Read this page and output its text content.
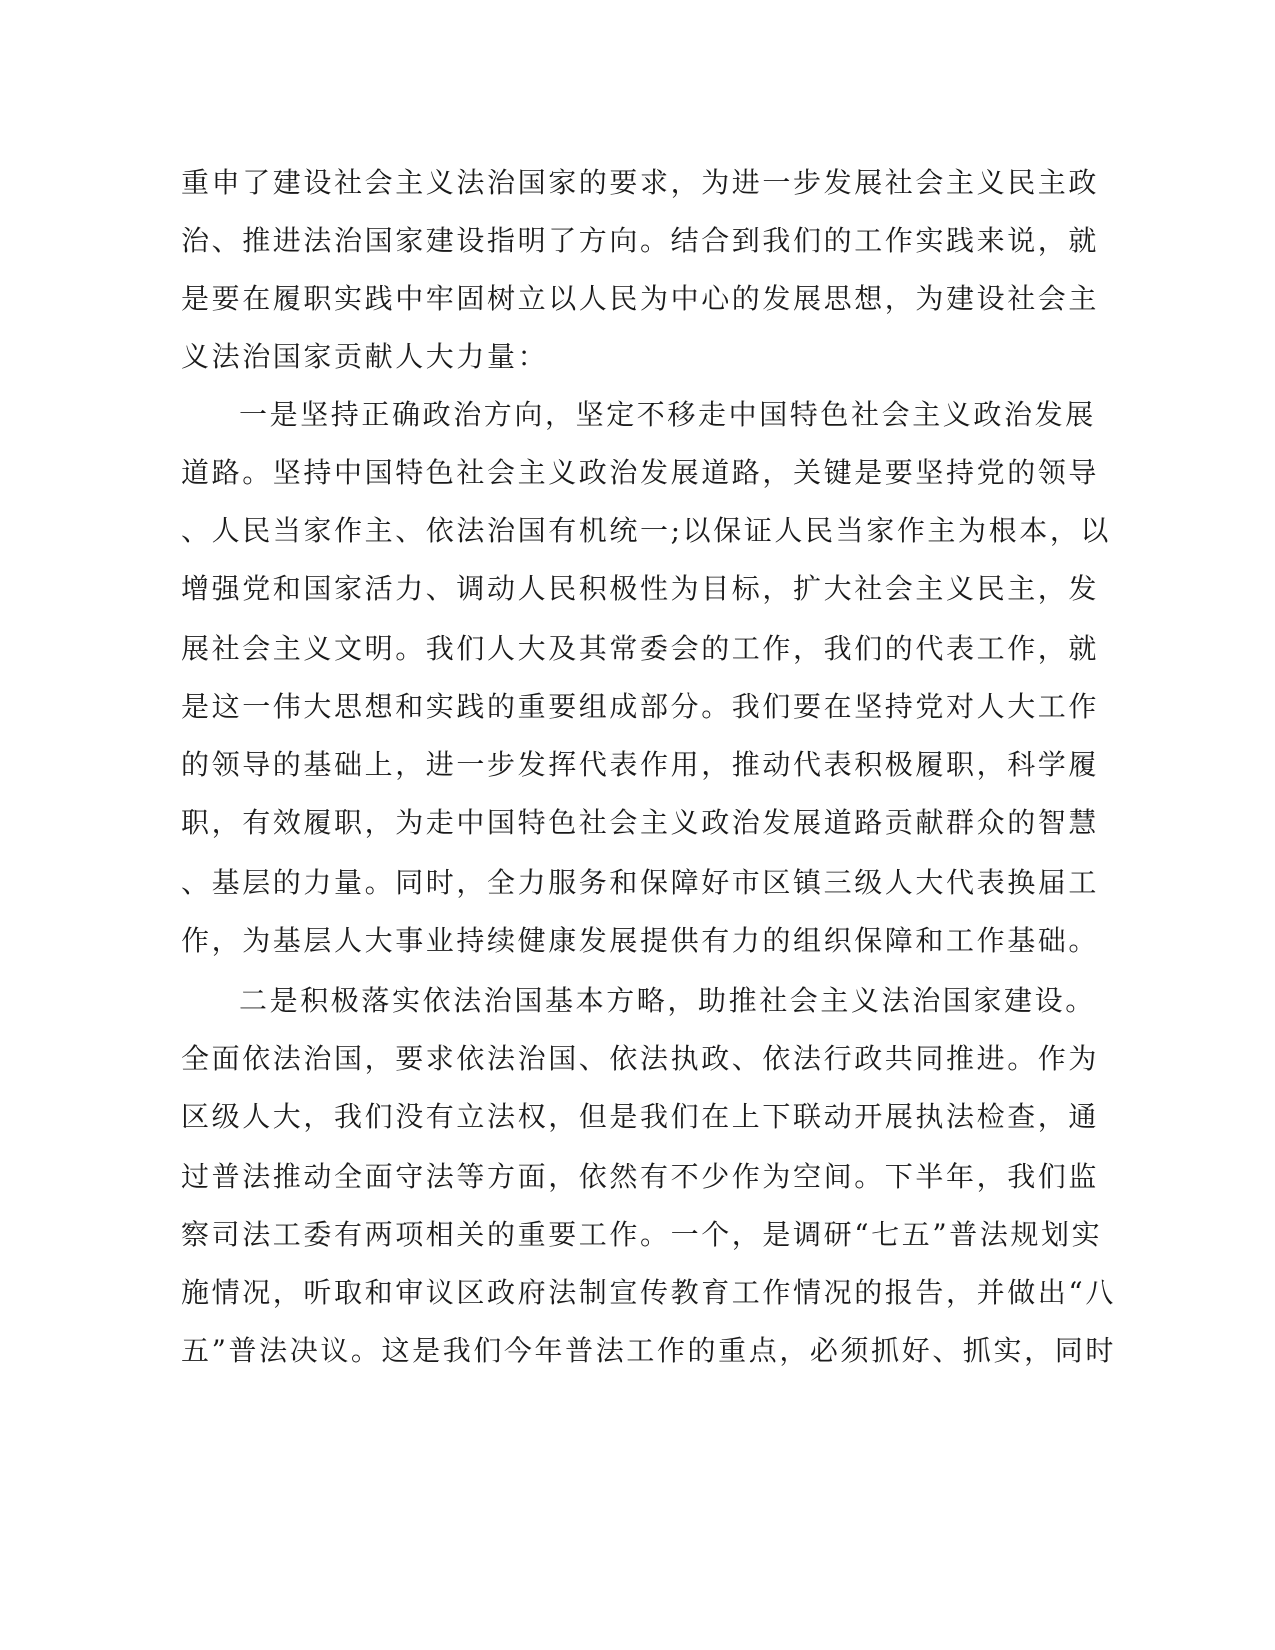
重申了建设社会主义法治国家的要求，为进一步发展社会主义民主政
治、推进法治国家建设指明了方向。结合到我们的工作实践来说，就
是要在履职实践中牢固树立以人民为中心的发展思想，为建设社会主
义法治国家贡献人大力量：
一是坚持正确政治方向，坚定不移走中国特色社会主义政治发展
道路。坚持中国特色社会主义政治发展道路，关键是要坚持党的领导
、人民当家作主、依法治国有机统一;以保证人民当家作主为根本，以
增强党和国家活力、调动人民积极性为目标，扩大社会主义民主，发
展社会主义文明。我们人大及其常委会的工作，我们的代表工作，就
是这一伟大思想和实践的重要组成部分。我们要在坚持党对人大工作
的领导的基础上，进一步发挥代表作用，推动代表积极履职，科学履
职，有效履职，为走中国特色社会主义政治发展道路贡献群众的智慧
、基层的力量。同时，全力服务和保障好市区镇三级人大代表换届工
作，为基层人大事业持续健康发展提供有力的组织保障和工作基础。
二是积极落实依法治国基本方略，助推社会主义法治国家建设。
全面依法治国，要求依法治国、依法执政、依法行政共同推进。作为
区级人大，我们没有立法权，但是我们在上下联动开展执法检查，通
过普法推动全面守法等方面，依然有不少作为空间。下半年，我们监
察司法工委有两项相关的重要工作。一个，是调研“七五”普法规划实
施情况，听取和审议区政府法制宣传教育工作情况的报告，并做出“八
五”普法决议。这是我们今年普法工作的重点，必须抓好、抓实，同时
